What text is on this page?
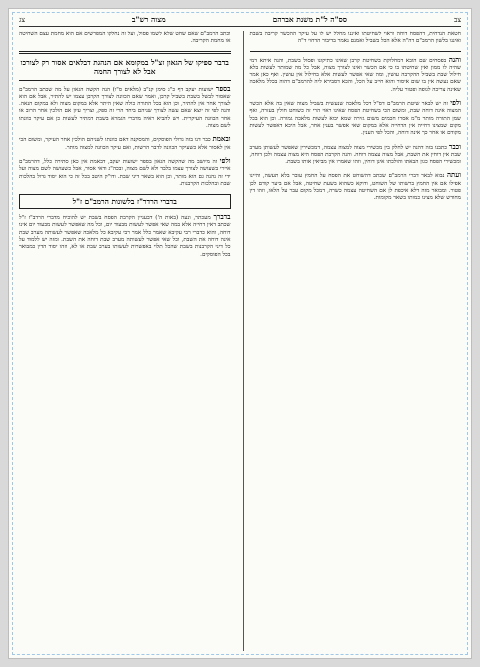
צב
סס"ה ל"ת משנת אברהם
מצוה רש"ב
צג

חטאת הנדחית, דהפסח דוחה וראוי לשחיטתו ואיננו מחלל יש לו על עיקר ההכשר קריבה בשבת ואיננו בלשון הרמב"ם דה"ה אלא הכל בשביל ואמנם נאמר בדיבור הדחוי ד"ה

והנה בפסחים שם הובא דמחלוקת בשחיטת קרבן שאינו כתיקונו ופסול בשבת, והנה איתא דמי שהיה לו ממון ואין שחיטתו בו כי אם הכשר ואינו לצורך מצוה, אבל כל מה שמותר לעשות בלא חילול שבת בשביל ההקרבה עושין, ומה שאי אפשר לעשות אלא בחילול אין עושין. ואף כאן אמר שאם נעשה אין בו שום איסור והוא חייב על הכל, והכא דסבירא ליה להרמב"ם דהוה בכלל מלאכה שאינה צריכה לגופה ופטור עליה.

ולפי זה יש לבאר שיטת הרמב"ם דס"ל דכל מלאכה שנעשית בשביל מצוה שאין בה אלא הכשר המצוה אינה דוחה שבת, ומשום הכי בשחיטת הפסח שאינו ראוי הרי זה כשוחט חולין בעזרה, ואף שמן התורה מותר מ"מ אסרו חכמים משום גזירה שמא יבוא לעשות מלאכה גמורה. וכן הוא בכל מקום שמצינו דחייה אין הדחייה אלא במקום שאי אפשר בענין אחר, אבל היכא דאפשר לעשות מקודם או אחר כך אינה דוחה, והכל לפי הענין.

וכבר כתבנו בזה דהנה יש לחלק בין מכשירי מצוה למצוה עצמה, דמכשירין שאפשר לעשותן מערב שבת אין דוחין את השבת, אבל מצוה עצמה דוחה. והנה הקרבת הפסח היא מצוה עצמה ולכן דוחה, ומכשירי הפסח כגון הבאתו והולכתו אינן דוחין, וזהו שאמרו אין מביאין אותו בשבת.

ועתה נבוא לבאר דברי הרמב"ם שכתב דהשוחט את הפסח על החמץ עובר בלא תעשה, והיינו אפילו אם אין החמץ ברשותו של השוחט, ודוקא כשהוא בשעת שחיטה, אבל אם ביער קודם לכן פטור. ומבואר מזה דלא איכפת לן אם השחיטה עצמה כשרה, דמכל מקום עבר על הלאו, וזהו דין מחודש שלא מצינו כמותו בשאר מקומות.

וכתב הרמב"ם שאם שחט שלא לשמו פסול, ועל זה נחלקו המפרשים אם הוא מחמת עצם השחיטה או מחמת הקריבה.

בדבר ספיקו של הגאון זצ"ל במקומא אם הנהגת דבלאים אסור רק לצורכו אבל לא לצורך החמה

בספר ישועות יעקב דף כ"ג סימן קנ"ב (מלאים ס"ו) הנה הקשה הגאון על מה שכתב הרמב"ם שאסור לבשל בשבת בשביל קרבן, ואמר שאם הכוונה לצורך הקרבן עצמו יש להתיר, אבל אם הוא לצורך אחר אין להתיר, וכן הוא בכל התורה כולה שאין היתר אלא במקום מצוה ולא במקום הנאה. והנה לפי זה יוצא שאם עשה לצורך שניהם ביחד הרי זה ספק, וצריך עיון אם הולכין אחר הרוב או אחר הכוונה העיקרית. ויש להביא ראיה מדברי הגמרא בשבת דמתיר לעשות כן אם עיקר כוונתו לשם מצוה.

ובאמת כבר דנו בזה גדולי הפוסקים, והמסקנה דאם כוונתו לשניהם הולכין אחר העיקר, ומשום הכי אין לאסור אלא כשעיקר הכוונה לדבר הרשות, ואם עיקר הכוונה למצוה מותר.

ולפי זה מיושב מה שהקשה הגאון בספר ישועות יעקב, דבאמת אין כאן סתירה כלל, דהרמב"ם איירי בשעושה לצורך עצמו בלבד ולא לשם מצוה, ובכה"ג ודאי אסור, אבל כשעושה לשם מצוה ועל ידי זה נהנה גם הוא מותר, וכן הוא בשאר דיני שבת. ודו"ק היטב בכל זה כי הוא יסוד גדול בהלכות שבת ובהלכות הקרבנות.

בדברי הרדר"ז בלשונות הרמב"ם ז"ל

בדברך מעכתר, ונעה (באות ה') דבעניין הקרבת הפסח בשבת יש להוכיח מדברי הרדב"ז ז"ל שכתב דאין דחייה אלא במה שאי אפשר לעשות מבעוד יום, וכל מה שאפשר לעשות מבעוד יום אינו דוחה, והוא כדברי רבי עקיבא שאמר כלל אמר רבי עקיבא כל מלאכה שאפשר לעשותה מערב שבת אינה דוחה את השבת, וכל שאי אפשר לעשותה מערב שבת דוחה את השבת. ומזה יש ללמוד על כל דיני הקרבנות בשבת שהכל תלוי באפשרות לעשותו בערב שבת או לא, וזהו יסוד הדין כמבואר בכל הפוסקים.
